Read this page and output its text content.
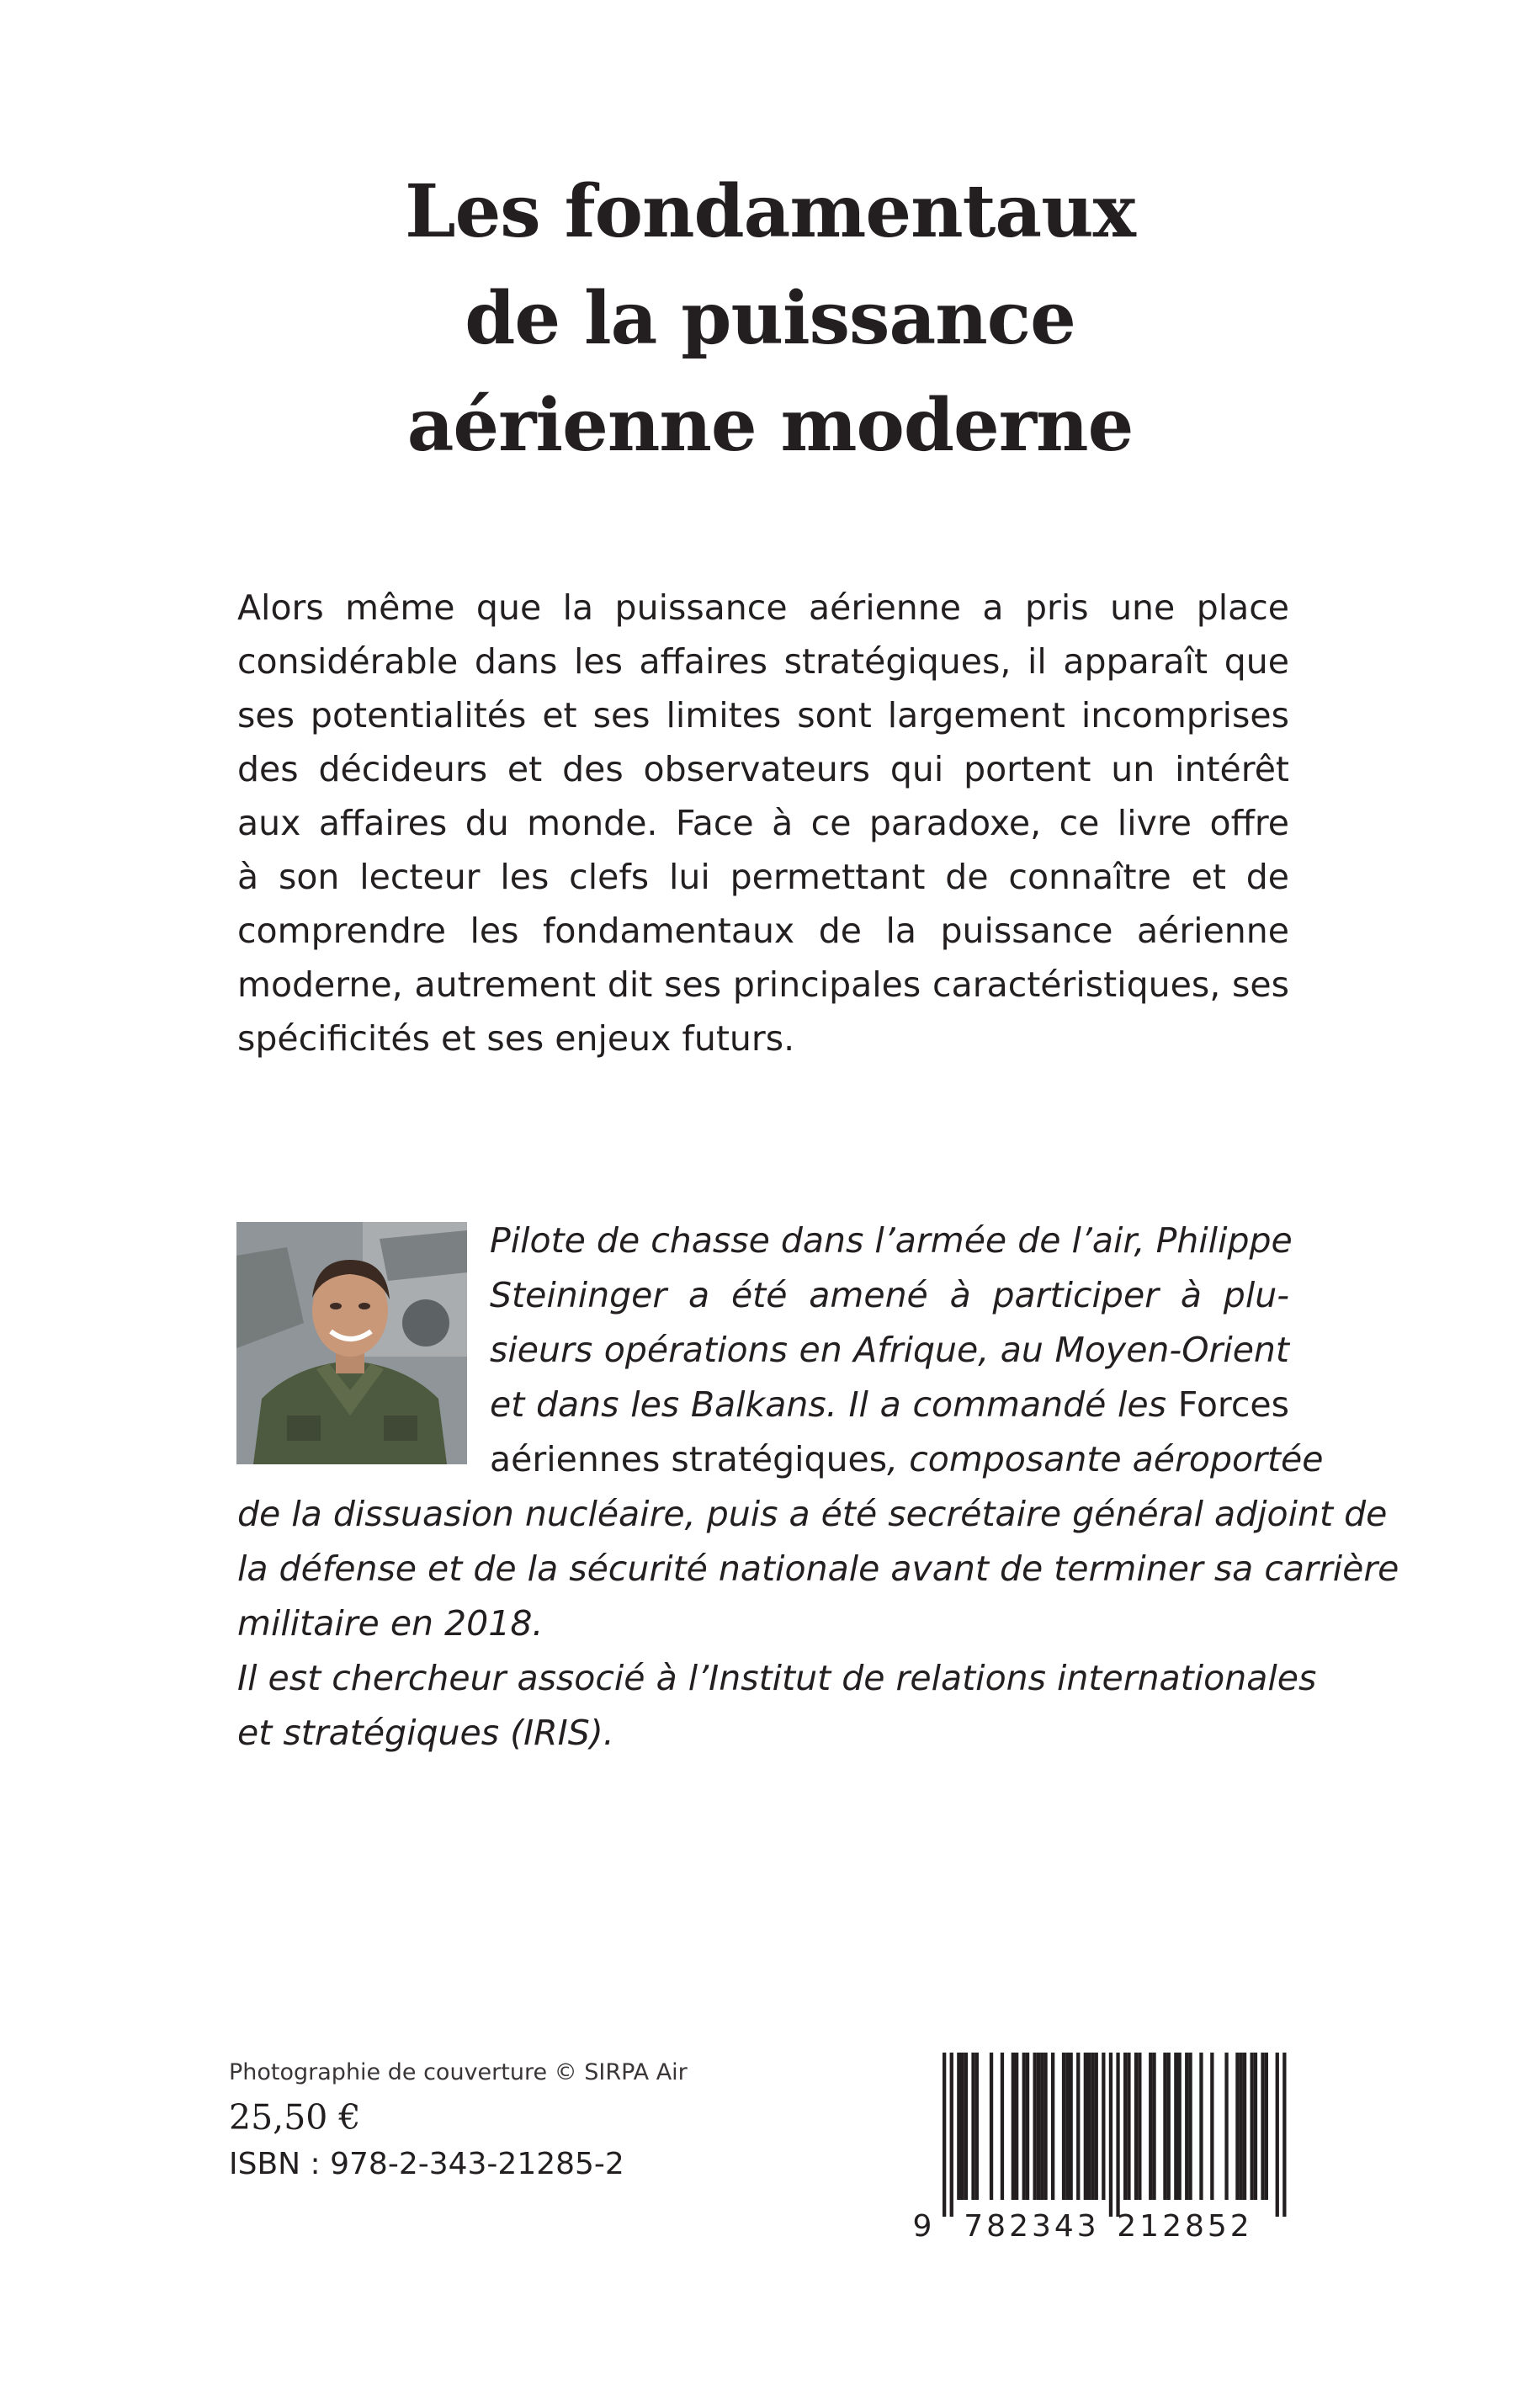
Les fondamentaux
de la puissance
aérienne moderne
Alors même que la puissance aérienne a pris une place
considérable dans les affaires stratégiques, il apparaît que
ses potentialités et ses limites sont largement incomprises
des décideurs et des observateurs qui portent un intérêt
aux affaires du monde. Face à ce paradoxe, ce livre offre
à son lecteur les clefs lui permettant de connaître et de
comprendre les fondamentaux de la puissance aérienne
moderne, autrement dit ses principales caractéristiques, ses
spécificités et ses enjeux futurs.
Pilote de chasse dans l’armée de l’air, Philippe
Steininger a été amené à participer à plu-
sieurs opérations en Afrique, au Moyen-Orient
et dans les Balkans. Il a commandé les Forces
aériennes stratégiques, composante aéroportée
de la dissuasion nucléaire, puis a été secrétaire général adjoint de
la défense et de la sécurité nationale avant de terminer sa carrière
militaire en 2018.
Il est chercheur associé à l’Institut de relations internationales
et stratégiques (IRIS).
Photographie de couverture © SIRPA Air
25,50 €
ISBN : 978-2-343-21285-2
9 782343 212852
